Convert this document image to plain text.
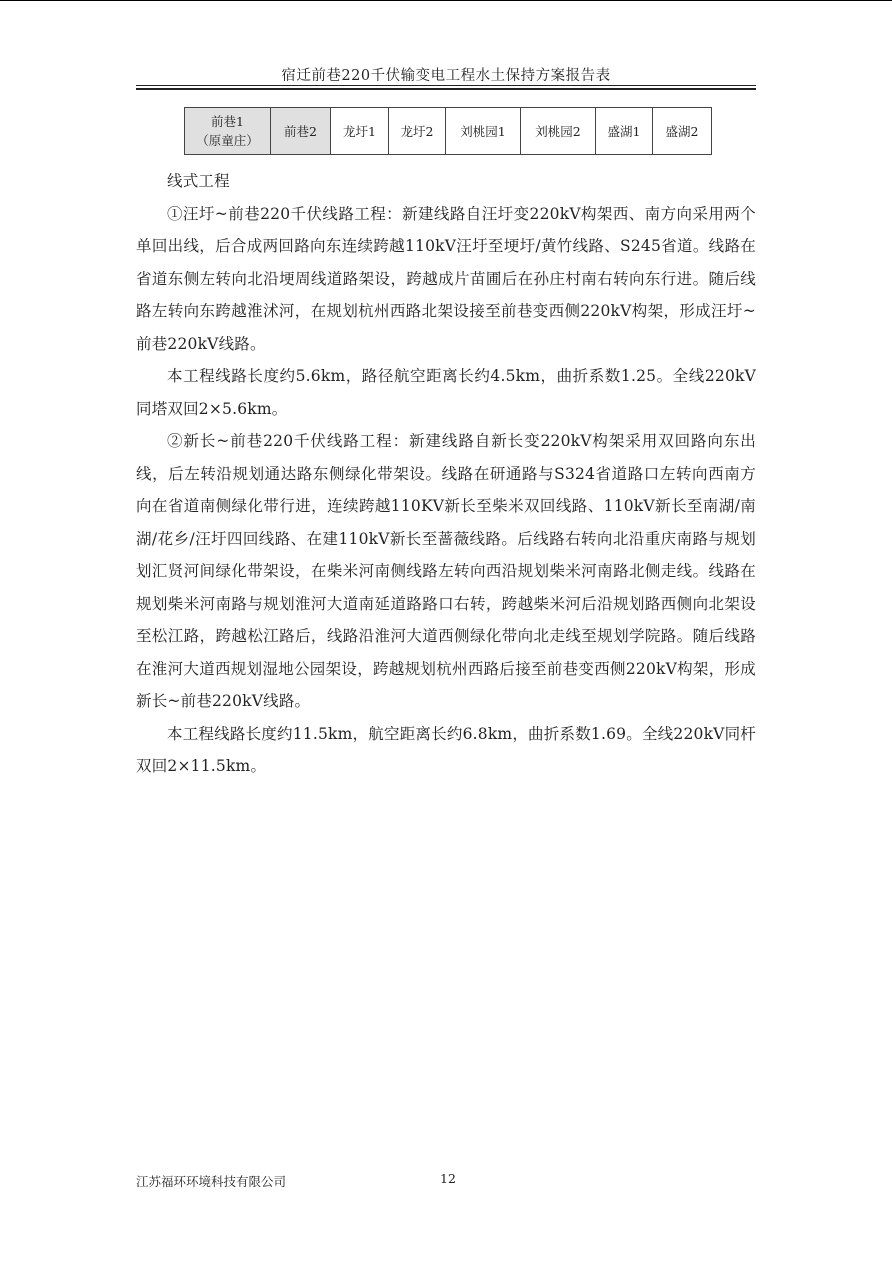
宿迁前巷220千伏输变电工程水土保持方案报告表
前巷1
（原童庄）
	前巷2	龙圩1	龙圩2	刘桃园1	刘桃园2	盛湖1	盛湖2
线式工程

①汪圩~前巷220千伏线路工程：新建线路自汪圩变220kV构架西、南方向采用两个单回出线，后合成两回路向东连续跨越110kV汪圩至埂圩/黄竹线路、S245省道。线路在省道东侧左转向北沿埂周线道路架设，跨越成片苗圃后在孙庄村南右转向东行进。随后线路左转向东跨越淮沭河，在规划杭州西路北架设接至前巷变西侧220kV构架，形成汪圩~前巷220kV线路。

本工程线路长度约5.6km，路径航空距离长约4.5km，曲折系数1.25。全线220kV同塔双回2×5.6km。

②新长~前巷220千伏线路工程：新建线路自新长变220kV构架采用双回路向东出线，后左转沿规划通达路东侧绿化带架设。线路在研通路与S324省道路口左转向西南方向在省道南侧绿化带行进，连续跨越110KV新长至柴米双回线路、110kV新长至南湖/南湖/花乡/汪圩四回线路、在建110kV新长至蔷薇线路。后线路右转向北沿重庆南路与规划划汇贤河间绿化带架设，在柴米河南侧线路左转向西沿规划柴米河南路北侧走线。线路在规划柴米河南路与规划淮河大道南延道路路口右转，跨越柴米河后沿规划路西侧向北架设至松江路，跨越松江路后，线路沿淮河大道西侧绿化带向北走线至规划学院路。随后线路在淮河大道西规划湿地公园架设，跨越规划杭州西路后接至前巷变西侧220kV构架，形成新长~前巷220kV线路。

本工程线路长度约11.5km，航空距离长约6.8km，曲折系数1.69。全线220kV同杆双回2×11.5km。

江苏福环环境科技有限公司	12
